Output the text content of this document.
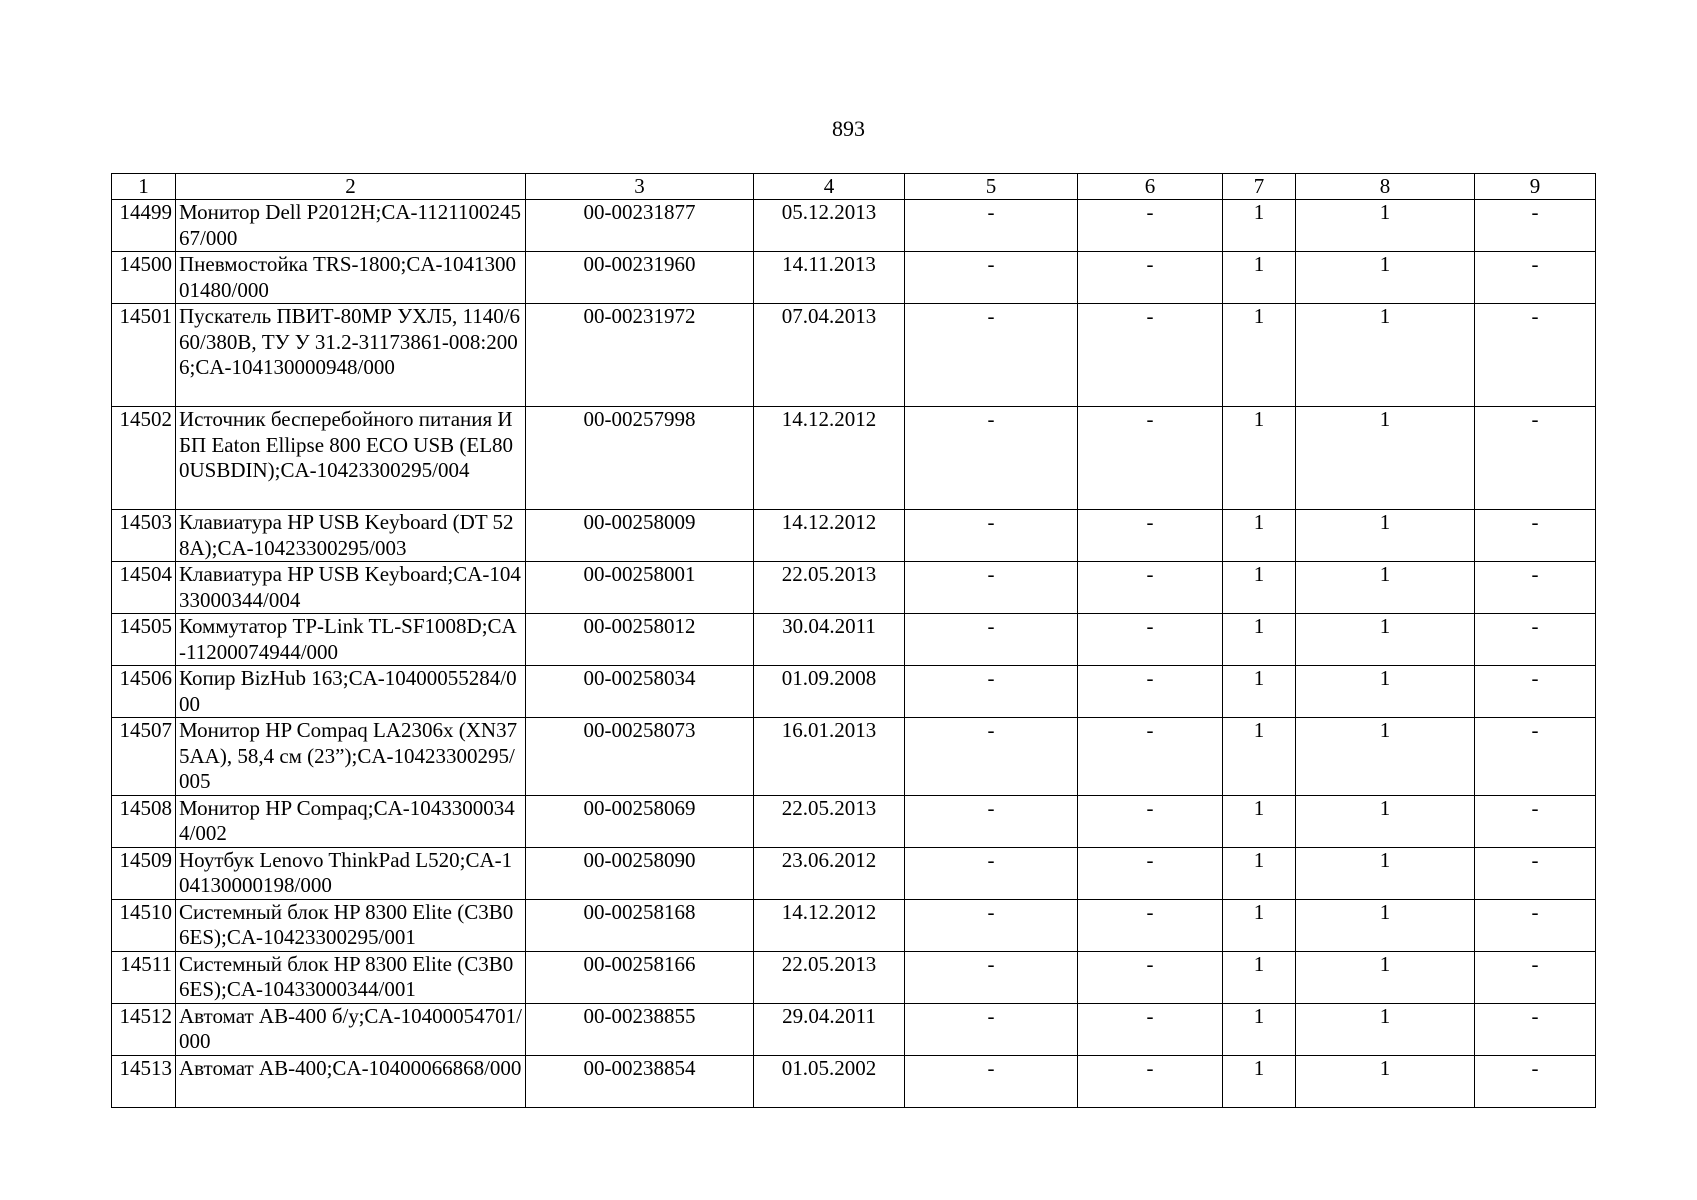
893
1	2	3	4	5	6	7	8	9
14499	Монитор Dell P2012H;CA-112110024567/000	00-00231877	05.12.2013	-	-	1	1	-
14500	Пневмостойка TRS-1800;CA-104130001480/000	00-00231960	14.11.2013	-	-	1	1	-
14501	Пускатель ПВИТ-80МР УХЛ5, 1140/660/380В, ТУ У 31.2-31173861-008:2006;CA-104130000948/000	00-00231972	07.04.2013	-	-	1	1	-
14502	Источник бесперебойного питания ИБП Eaton Ellipse 800 ECO USB (EL800USBDIN);CA-10423300295/004	00-00257998	14.12.2012	-	-	1	1	-
14503	Клавиатура HP USB Keyboard (DT 528A);CA-10423300295/003	00-00258009	14.12.2012	-	-	1	1	-
14504	Клавиатура HP USB Keyboard;CA-10433000344/004	00-00258001	22.05.2013	-	-	1	1	-
14505	Коммутатор TP-Link TL-SF1008D;CA-11200074944/000	00-00258012	30.04.2011	-	-	1	1	-
14506	Копир BizHub 163;CA-10400055284/000	00-00258034	01.09.2008	-	-	1	1	-
14507	Монитор HP Compaq LA2306x (XN375AA), 58,4 см (23”);CA-10423300295/005	00-00258073	16.01.2013	-	-	1	1	-
14508	Монитор HP Compaq;CA-10433000344/002	00-00258069	22.05.2013	-	-	1	1	-
14509	Ноутбук Lenovo ThinkPad L520;CA-104130000198/000	00-00258090	23.06.2012	-	-	1	1	-
14510	Системный блок HP 8300 Elite (C3B06ES);CA-10423300295/001	00-00258168	14.12.2012	-	-	1	1	-
14511	Системный блок HP 8300 Elite (C3B06ES);CA-10433000344/001	00-00258166	22.05.2013	-	-	1	1	-
14512	Автомат АВ-400 б/у;CA-10400054701/000	00-00238855	29.04.2011	-	-	1	1	-
14513	Автомат АВ-400;CA-10400066868/000	00-00238854	01.05.2002	-	-	1	1	-
